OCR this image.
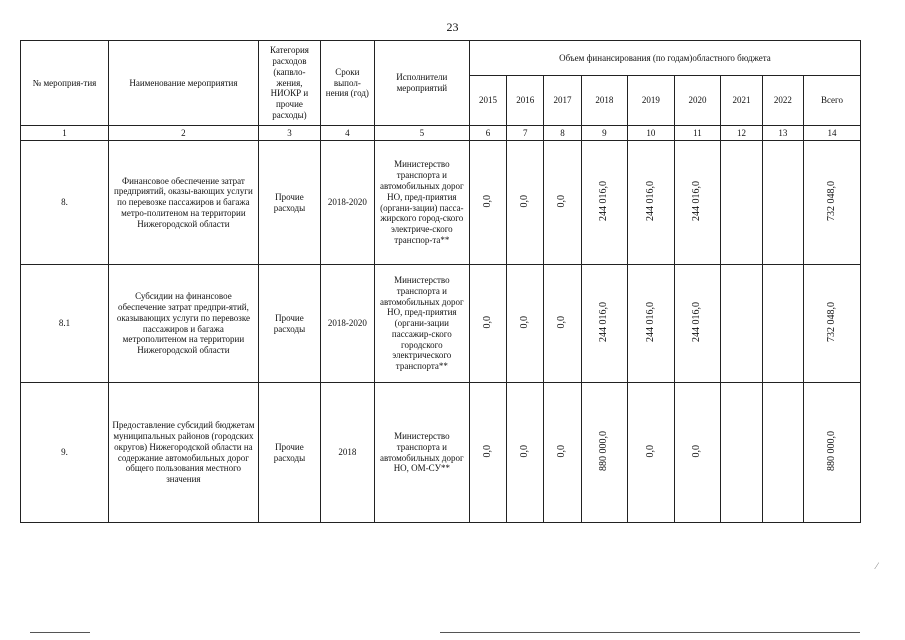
23
№ мероприя-тия	Наименование мероприятия	Категория расходов (капвло-жения, НИОКР и прочие расходы)	Сроки выпол-нения (год)	Исполнители мероприятий	Объем финансирования (по годам)областного бюджета								
					2015	2016	2017	2018	2019	2020	2021	2022	Всего
1	2	3	4	5	6	7	8	9	10	11	12	13	14
8.	Финансовое обеспечение затрат предприятий, оказы-вающих услуги по перевозке пассажиров и багажа метро-политеном на территории Нижегородской области	Прочие расходы	2018-2020	Министерство транспорта и автомобильных дорог НО, пред-приятия (органи-зации) пасса-жирского город-ского электриче-ского транспор-та**	0,0	0,0	0,0	244 016,0	244 016,0	244 016,0			732 048,0
8.1	Субсидии на финансовое обеспечение затрат предпри-ятий, оказывающих услуги по перевозке пассажиров и багажа метрополитеном на территории Нижегородской области	Прочие расходы	2018-2020	Министерство транспорта и автомобильных дорог НО, пред-приятия (органи-зации пассажир-ского городского электрического транспорта**	0,0	0,0	0,0	244 016,0	244 016,0	244 016,0			732 048,0
9.	Предоставление субсидий бюджетам муниципальных районов (городских округов) Нижегородской области на содержание автомобильных дорог общего пользования местного значения	Прочие расходы	2018	Министерство транспорта и автомобильных дорог НО, ОМ-СУ**	0,0	0,0	0,0	880 000,0	0,0	0,0			880 000,0
⁄
